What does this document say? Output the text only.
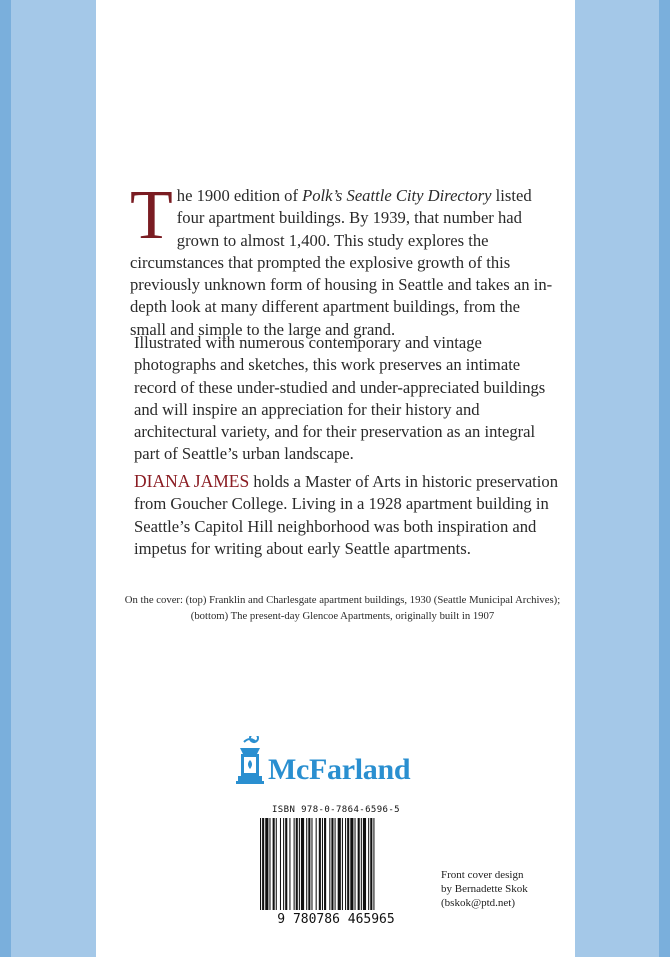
The 1900 edition of Polk’s Seattle City Directory listed four apartment buildings. By 1939, that number had grown to almost 1,400. This study explores the circumstances that prompted the explosive growth of this previously unknown form of housing in Seattle and takes an in-depth look at many different apartment buildings, from the small and simple to the large and grand.
Illustrated with numerous contemporary and vintage photographs and sketches, this work preserves an intimate record of these under-studied and under-appreciated buildings and will inspire an appreciation for their history and architectural variety, and for their preservation as an integral part of Seattle’s urban landscape.
DIANA JAMES holds a Master of Arts in historic preservation from Goucher College. Living in a 1928 apartment building in Seattle’s Capitol Hill neighborhood was both inspiration and impetus for writing about early Seattle apartments.
On the cover: (top) Franklin and Charlesgate apartment buildings, 1930 (Seattle Municipal Archives); (bottom) The present-day Glencoe Apartments, originally built in 1907
McFarland
ISBN 978-0-7864-6596-5
9 780786 465965
Front cover design
by Bernadette Skok
(bskok@ptd.net)
